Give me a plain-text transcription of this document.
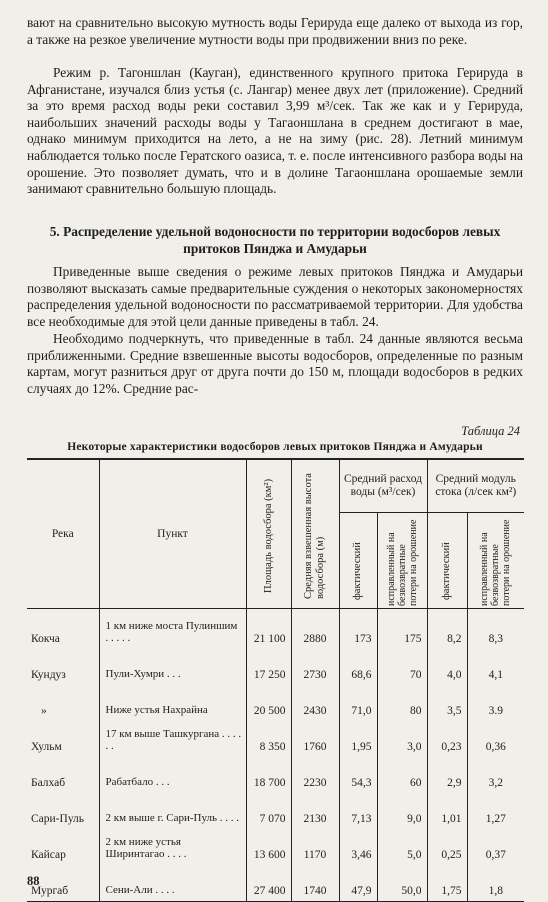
вают на сравнительно высокую мутность воды Герируда еще далеко от выхода из гор, а также на резкое увеличение мутности воды при продвижении вниз по реке.

Режим р. Тагоншлан (Кауган), единственного крупного притока Герируда в Афганистане, изучался близ устья (с. Лангар) менее двух лет (приложение). Средний за это время расход воды реки составил 3,99 м³/сек. Так же как и у Герируда, наибольших значений расходы воды у Тагаоншлана в среднем достигают в мае, однако минимум приходится на лето, а не на зиму (рис. 28). Летний минимум наблюдается только после Гератского оазиса, т. е. после интенсивного разбора воды на орошение. Это позволяет думать, что и в долине Тагаоншлана орошаемые земли занимают сравнительно большую площадь.

5. Распределение удельной водоносности по территории водосборов левых притоков Пянджа и Амударьи

Приведенные выше сведения о режиме левых притоков Пянджа и Амударьи позволяют высказать самые предварительные суждения о некоторых закономерностях распределения удельной водоносности по рассматриваемой территории. Для удобства все необходимые для этой цели данные приведены в табл. 24.

Необходимо подчеркнуть, что приведенные в табл. 24 данные являются весьма приближенными. Средние взвешенные высоты водосборов, определенные по разным картам, могут разниться друг от друга почти до 150 м, площади водосборов в редких случаях до 12%. Средние рас-

Таблица 24
Некоторые характеристики водосборов левых притоков Пянджа и Амударьи
Река	Пункт	Площадь водосбора (км²)	Средняя взвешенная высота водосбора (м)	Средний расход воды (м³/сек)		Средний модуль стока (л/сек км²)	

				фактический	исправленный на безвозвратные потери на орошение	фактический	исправленный на безвозвратные потери на орошение

Кокча	1 км ниже моста Пулиншим . . . . .	21 100	2880	173	175	8,2	8,3
Кундуз	Пули-Хумри . . .	17 250	2730	68,6	70	4,0	4,1
»	Ниже устья Нахрайна	20 500	2430	71,0	80	3,5	3.9
Хульм	17 км выше Ташкургана . . . . . .	8 350	1760	1,95	3,0	0,23	0,36
Балхаб	Рабатбало . . .	18 700	2230	54,3	60	2,9	3,2
Сари-Пуль	2 км выше г. Сари-Пуль . . . .	7 070	2130	7,13	9,0	1,01	1,27
Кайсар	2 км ниже устья Ширинтагао . . . .	13 600	1170	3,46	5,0	0,25	0,37
Мургаб	Сени-Али . . . .	27 400	1740	47,9	50,0	1,75	1,8
88
